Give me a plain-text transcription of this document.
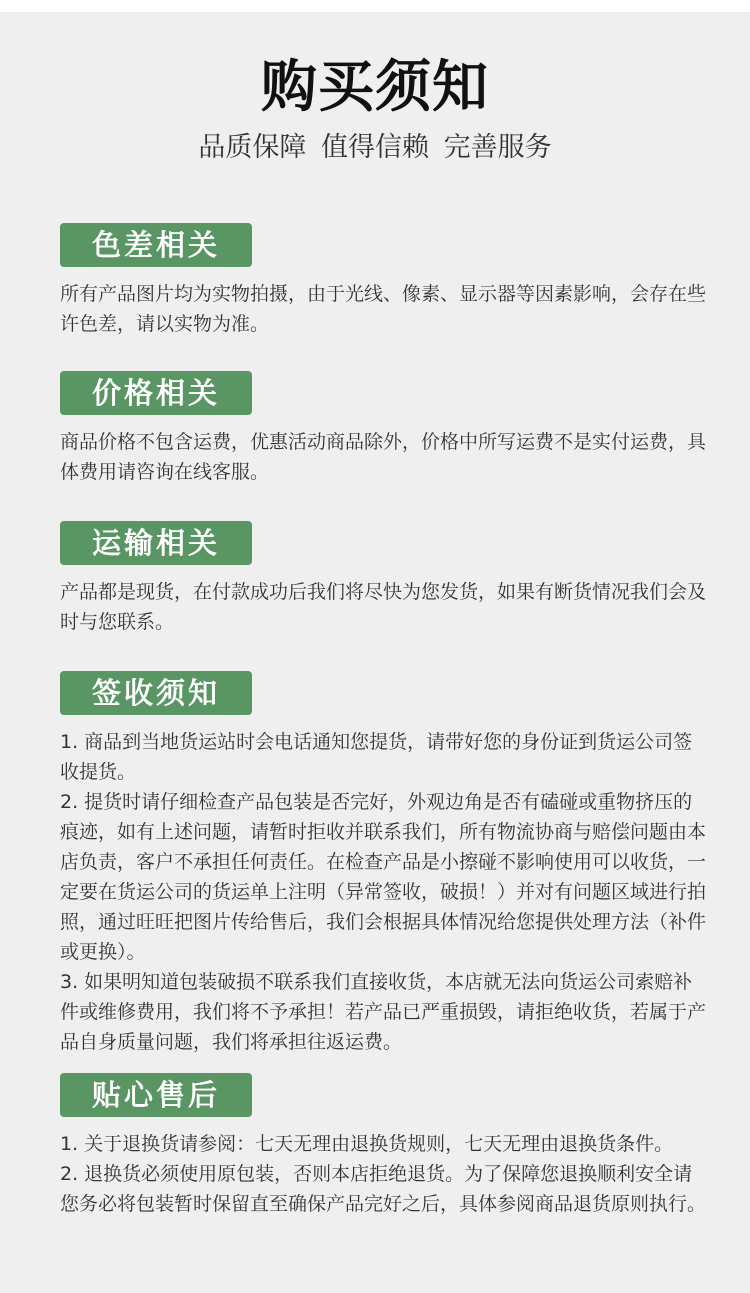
购买须知
品质保障 值得信赖 完善服务
色差相关

所有产品图片均为实物拍摄，由于光线、像素、显示器等因素影响，会存在些许色差，请以实物为准。

价格相关

商品价格不包含运费，优惠活动商品除外，价格中所写运费不是实付运费，具体费用请咨询在线客服。

运输相关

产品都是现货，在付款成功后我们将尽快为您发货，如果有断货情况我们会及时与您联系。

签收须知

1. 商品到当地货运站时会电话通知您提货，请带好您的身份证到货运公司签收提货。

2. 提货时请仔细检查产品包装是否完好，外观边角是否有磕碰或重物挤压的痕迹，如有上述问题，请暂时拒收并联系我们，所有物流协商与赔偿问题由本店负责，客户不承担任何责任。在检查产品是小擦碰不影响使用可以收货，一定要在货运公司的货运单上注明（异常签收，破损！）并对有问题区域进行拍照，通过旺旺把图片传给售后，我们会根据具体情况给您提供处理方法（补件或更换）。

3. 如果明知道包装破损不联系我们直接收货，本店就无法向货运公司索赔补件或维修费用，我们将不予承担！若产品已严重损毁，请拒绝收货，若属于产品自身质量问题，我们将承担往返运费。

贴心售后

1. 关于退换货请参阅：七天无理由退换货规则，七天无理由退换货条件。

2. 退换货必须使用原包装，否则本店拒绝退货。为了保障您退换顺利安全请您务必将包装暂时保留直至确保产品完好之后，具体参阅商品退货原则执行。
